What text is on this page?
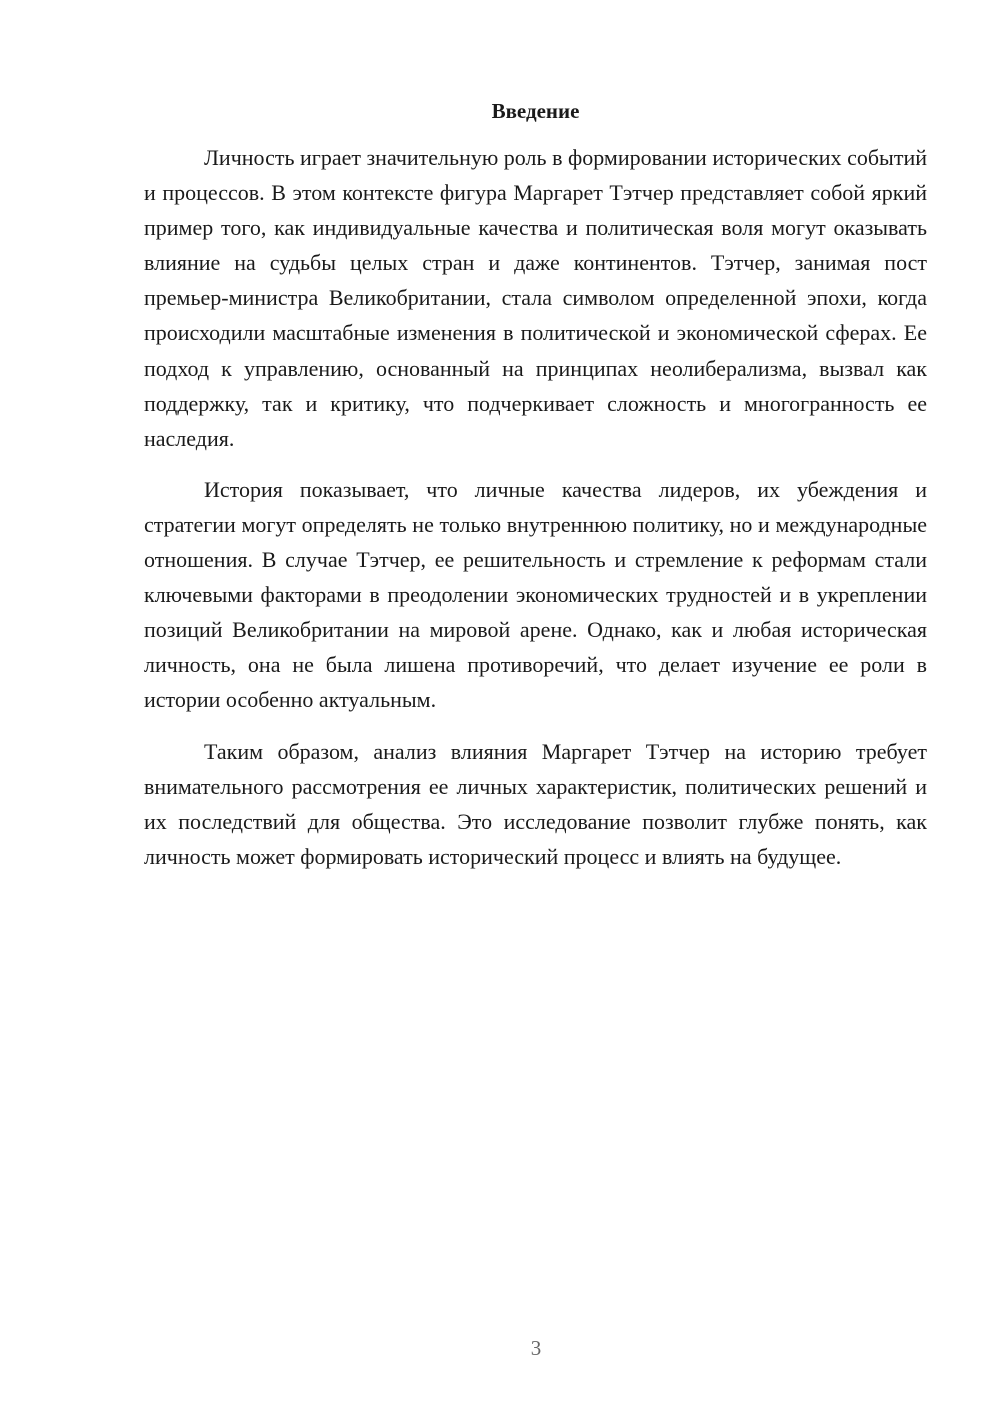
Введение

Личность играет значительную роль в формировании исторических событий и процессов. В этом контексте фигура Маргарет Тэтчер представляет собой яркий пример того, как индивидуальные качества и политическая воля могут оказывать влияние на судьбы целых стран и даже континентов. Тэтчер, занимая пост премьер-министра Великобритании, стала символом определенной эпохи, когда происходили масштабные изменения в политической и экономической сферах. Ее подход к управлению, основанный на принципах неолиберализма, вызвал как поддержку, так и критику, что подчеркивает сложность и многогранность ее наследия.

История показывает, что личные качества лидеров, их убеждения и стратегии могут определять не только внутреннюю политику, но и международные отношения. В случае Тэтчер, ее решительность и стремление к реформам стали ключевыми факторами в преодолении экономических трудностей и в укреплении позиций Великобритании на мировой арене. Однако, как и любая историческая личность, она не была лишена противоречий, что делает изучение ее роли в истории особенно актуальным.

Таким образом, анализ влияния Маргарет Тэтчер на историю требует внимательного рассмотрения ее личных характеристик, политических решений и их последствий для общества. Это исследование позволит глубже понять, как личность может формировать исторический процесс и влиять на будущее.

3
